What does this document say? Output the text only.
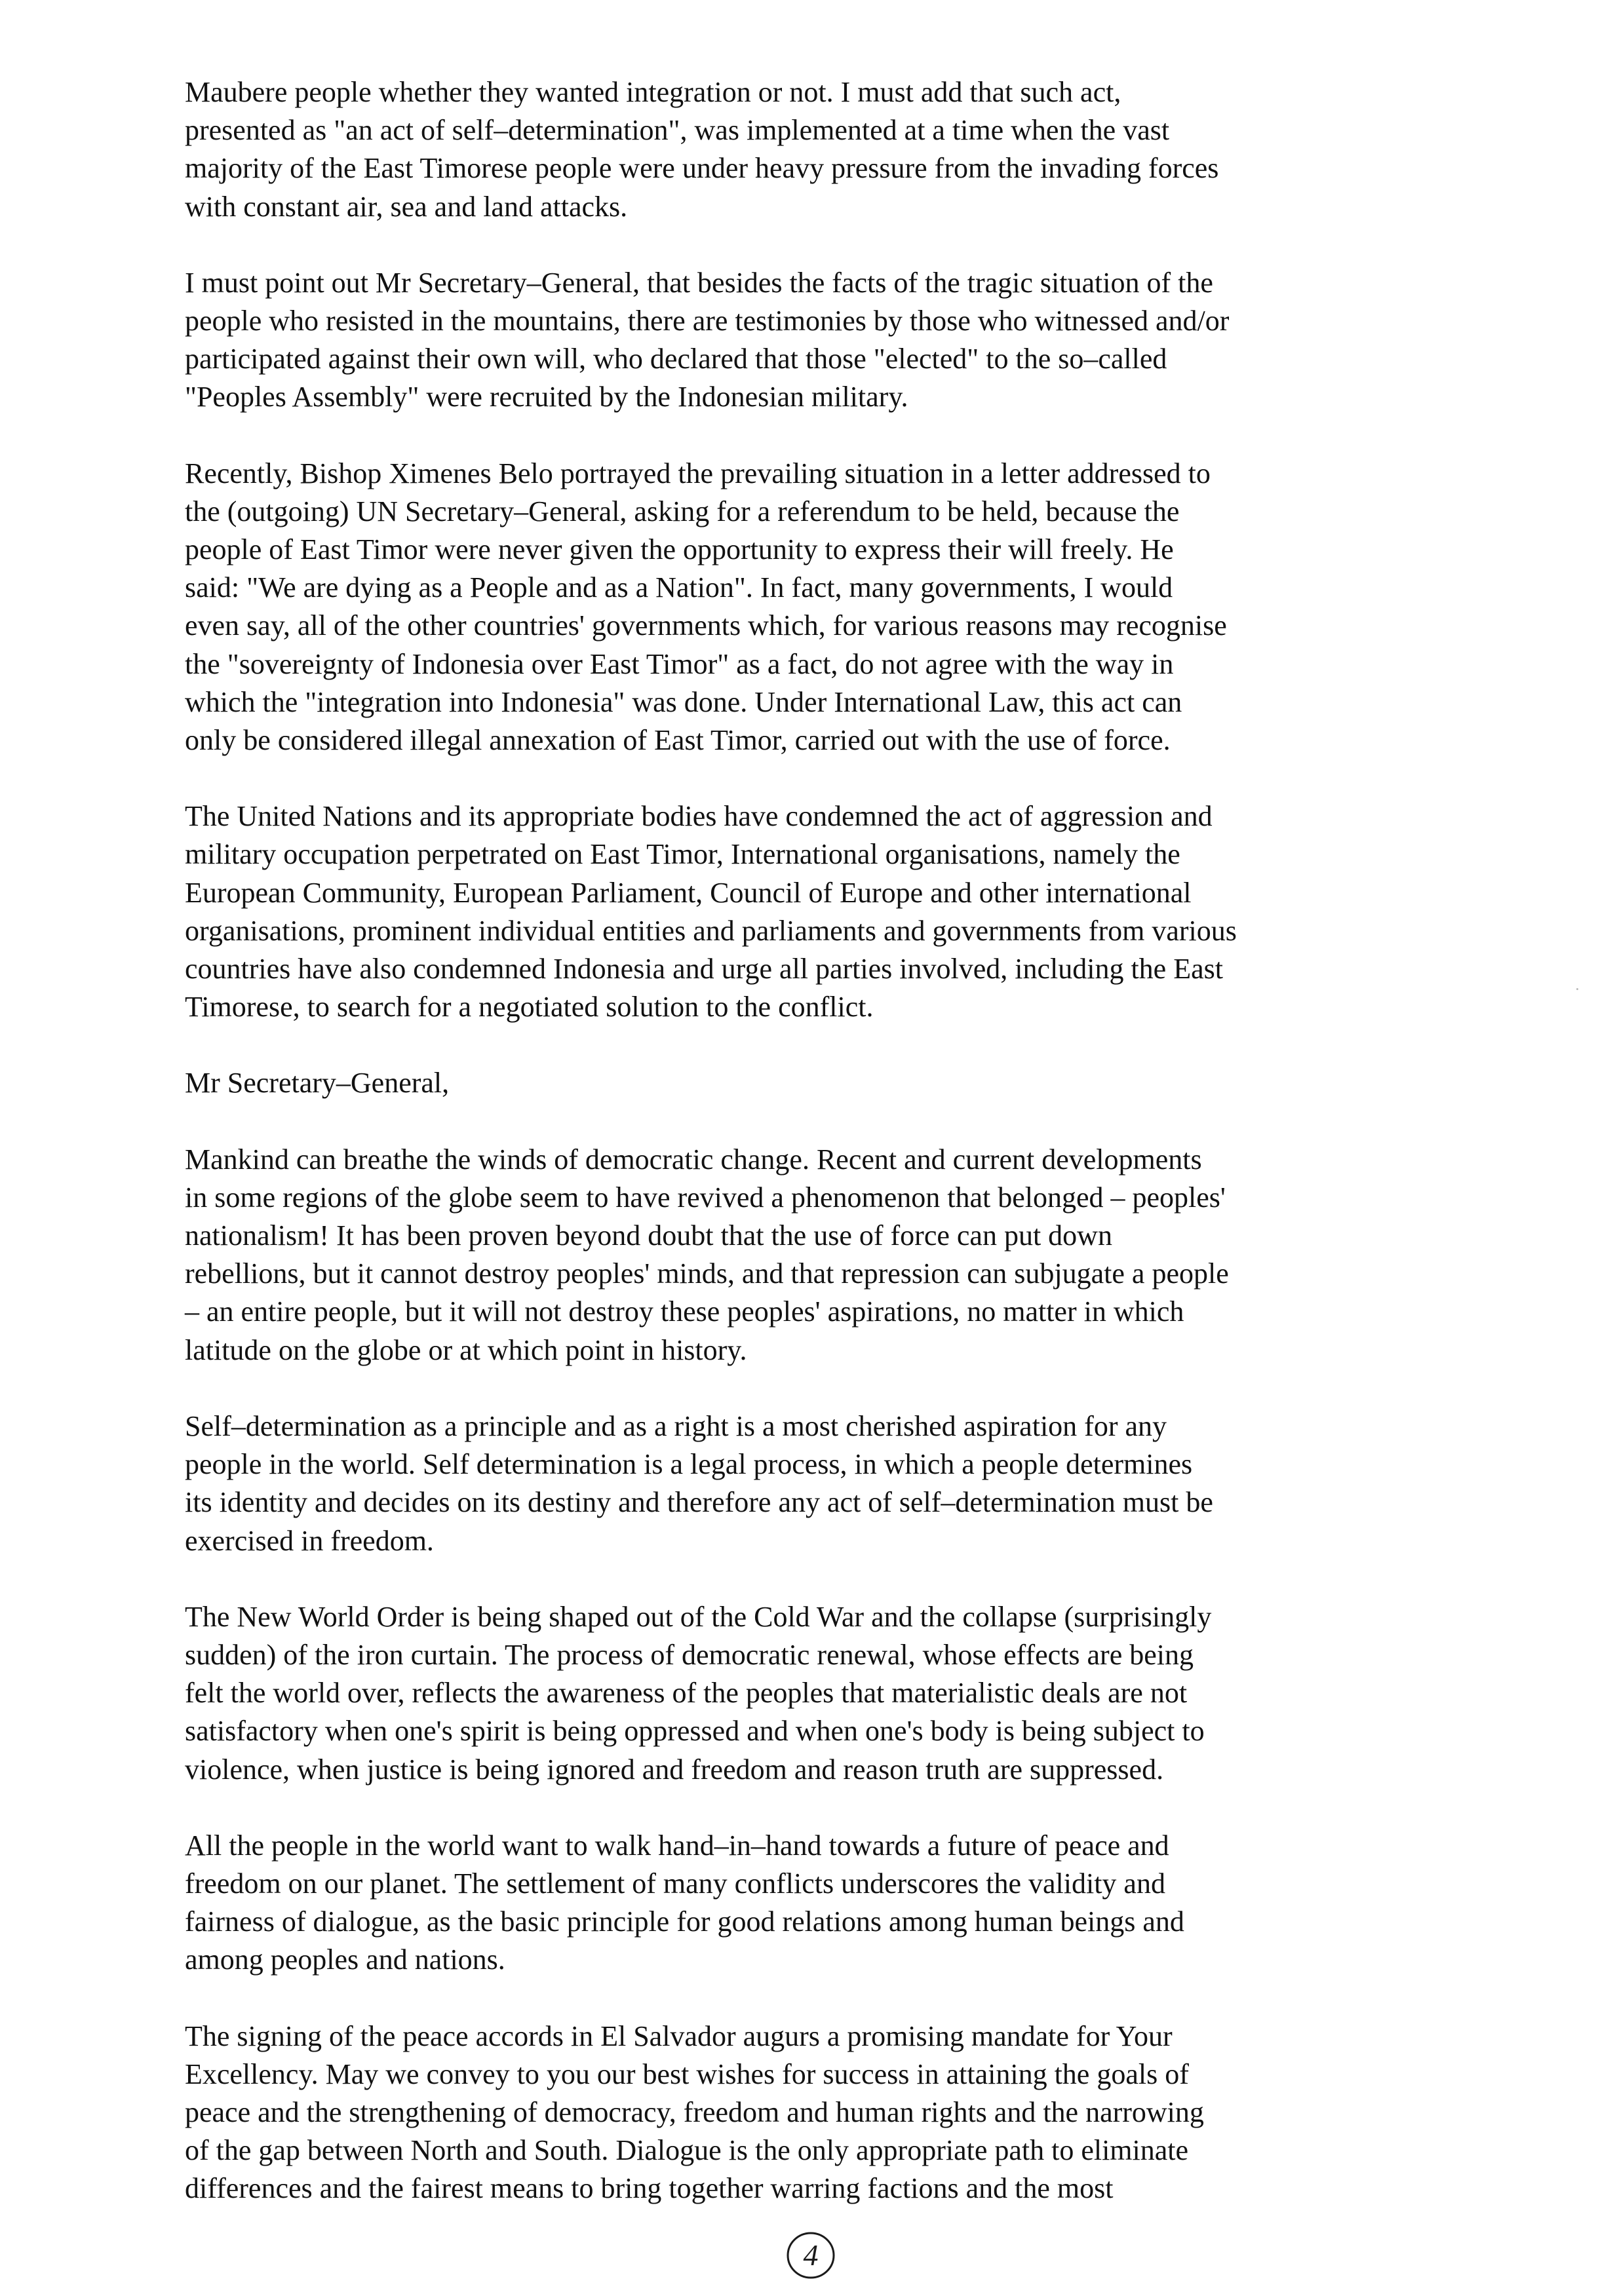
Maubere people whether they wanted integration or not. I must add that such act,
presented as "an act of self–determination", was implemented at a time when the vast
majority of the East Timorese people were under heavy pressure from the invading forces
with constant air, sea and land attacks.

I must point out Mr Secretary–General, that besides the facts of the tragic situation of the
people who resisted in the mountains, there are testimonies by those who witnessed and/or
participated against their own will, who declared that those "elected" to the so–called
"Peoples Assembly" were recruited by the Indonesian military.

Recently, Bishop Ximenes Belo portrayed the prevailing situation in a letter addressed to
the (outgoing) UN Secretary–General, asking for a referendum to be held, because the
people of East Timor were never given the opportunity to express their will freely. He
said: "We are dying as a People and as a Nation". In fact, many governments, I would
even say, all of the other countries' governments which, for various reasons may recognise
the "sovereignty of Indonesia over East Timor" as a fact, do not agree with the way in
which the "integration into Indonesia" was done. Under International Law, this act can
only be considered illegal annexation of East Timor, carried out with the use of force.

The United Nations and its appropriate bodies have condemned the act of aggression and
military occupation perpetrated on East Timor, International organisations, namely the
European Community, European Parliament, Council of Europe and other international
organisations, prominent individual entities and parliaments and governments from various
countries have also condemned Indonesia and urge all parties involved, including the East
Timorese, to search for a negotiated solution to the conflict.

Mr Secretary–General,

Mankind can breathe the winds of democratic change. Recent and current developments
in some regions of the globe seem to have revived a phenomenon that belonged – peoples'
nationalism! It has been proven beyond doubt that the use of force can put down
rebellions, but it cannot destroy peoples' minds, and that repression can subjugate a people
– an entire people, but it will not destroy these peoples' aspirations, no matter in which
latitude on the globe or at which point in history.

Self–determination as a principle and as a right is a most cherished aspiration for any
people in the world. Self determination is a legal process, in which a people determines
its identity and decides on its destiny and therefore any act of self–determination must be
exercised in freedom.

The New World Order is being shaped out of the Cold War and the collapse (surprisingly
sudden) of the iron curtain. The process of democratic renewal, whose effects are being
felt the world over, reflects the awareness of the peoples that materialistic deals are not
satisfactory when one's spirit is being oppressed and when one's body is being subject to
violence, when justice is being ignored and freedom and reason truth are suppressed.

All the people in the world want to walk hand–in–hand towards a future of peace and
freedom on our planet. The settlement of many conflicts underscores the validity and
fairness of dialogue, as the basic principle for good relations among human beings and
among peoples and nations.

The signing of the peace accords in El Salvador augurs a promising mandate for Your
Excellency. May we convey to you our best wishes for success in attaining the goals of
peace and the strengthening of democracy, freedom and human rights and the narrowing
of the gap between North and South. Dialogue is the only appropriate path to eliminate
differences and the fairest means to bring together warring factions and the most

4
